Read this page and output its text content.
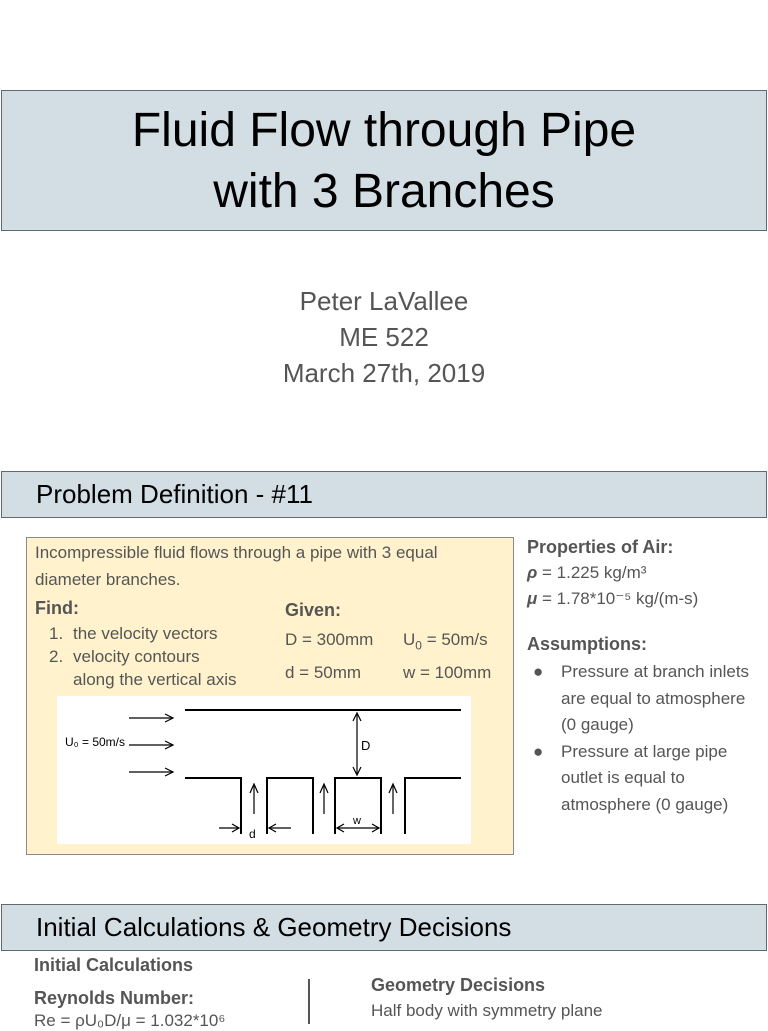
Fluid Flow through Pipe
with 3 Branches
Peter LaVallee
ME 522
March 27th, 2019
Problem Definition - #11
Incompressible fluid flows through a pipe with 3 equal diameter branches.
Find:
1. the velocity vectors
2. velocity contours
along the vertical axis
Given:
D = 300mm $U_0 = 50m/s$
d = 50mm w = 100mm
U₀ = 50m/s	D
d
w
Properties of Air:
ρ = 1.225 kg/m³
μ = 1.78*10⁻⁵ kg/(m-s)
Assumptions:
● Pressure at branch inlets are equal to atmosphere (0 gauge)
● Pressure at large pipe outlet is equal to atmosphere (0 gauge)
Initial Calculations & Geometry Decisions
Initial Calculations
Reynolds Number:
Re = ρU₀D/μ = 1.032*10⁶
Geometry Decisions
Half body with symmetry plane
